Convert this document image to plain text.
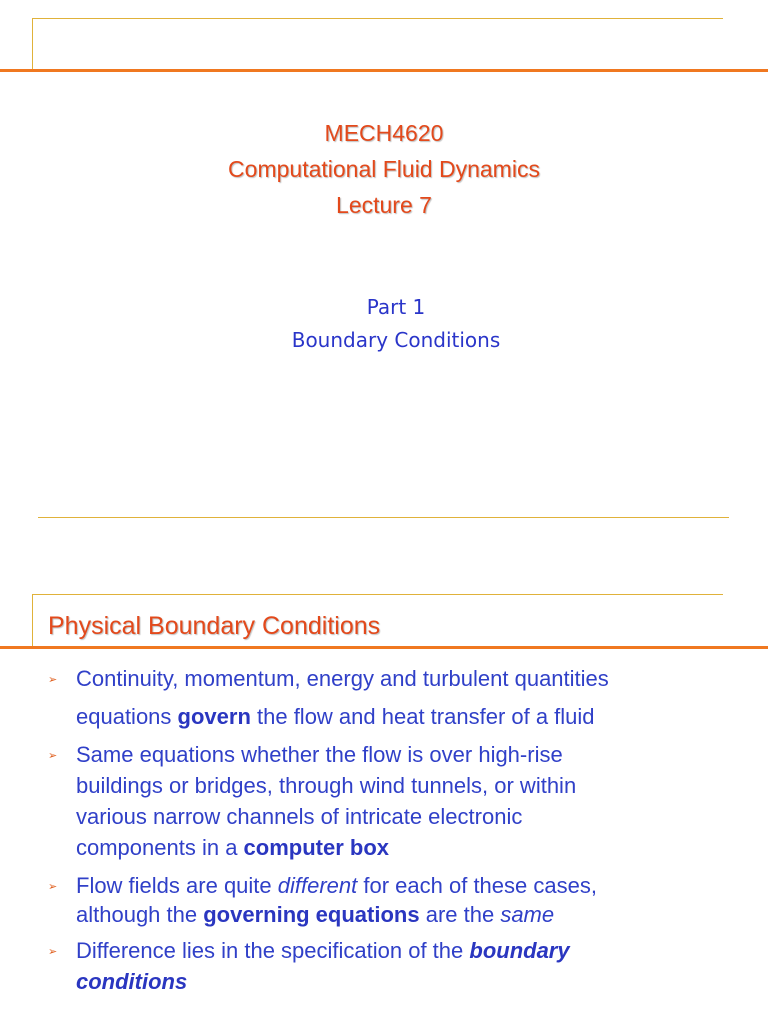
MECH4620
Computational Fluid Dynamics
Lecture 7
Part 1
Boundary Conditions
Physical Boundary Conditions
➢ Continuity, momentum, energy and turbulent quantities
equations govern the flow and heat transfer of a fluid
➢ Same equations whether the flow is over high-rise
buildings or bridges, through wind tunnels, or within
various narrow channels of intricate electronic
components in a computer box
➢ Flow fields are quite different for each of these cases,
although the governing equations are the same
➢ Difference lies in the specification of the boundary
conditions
